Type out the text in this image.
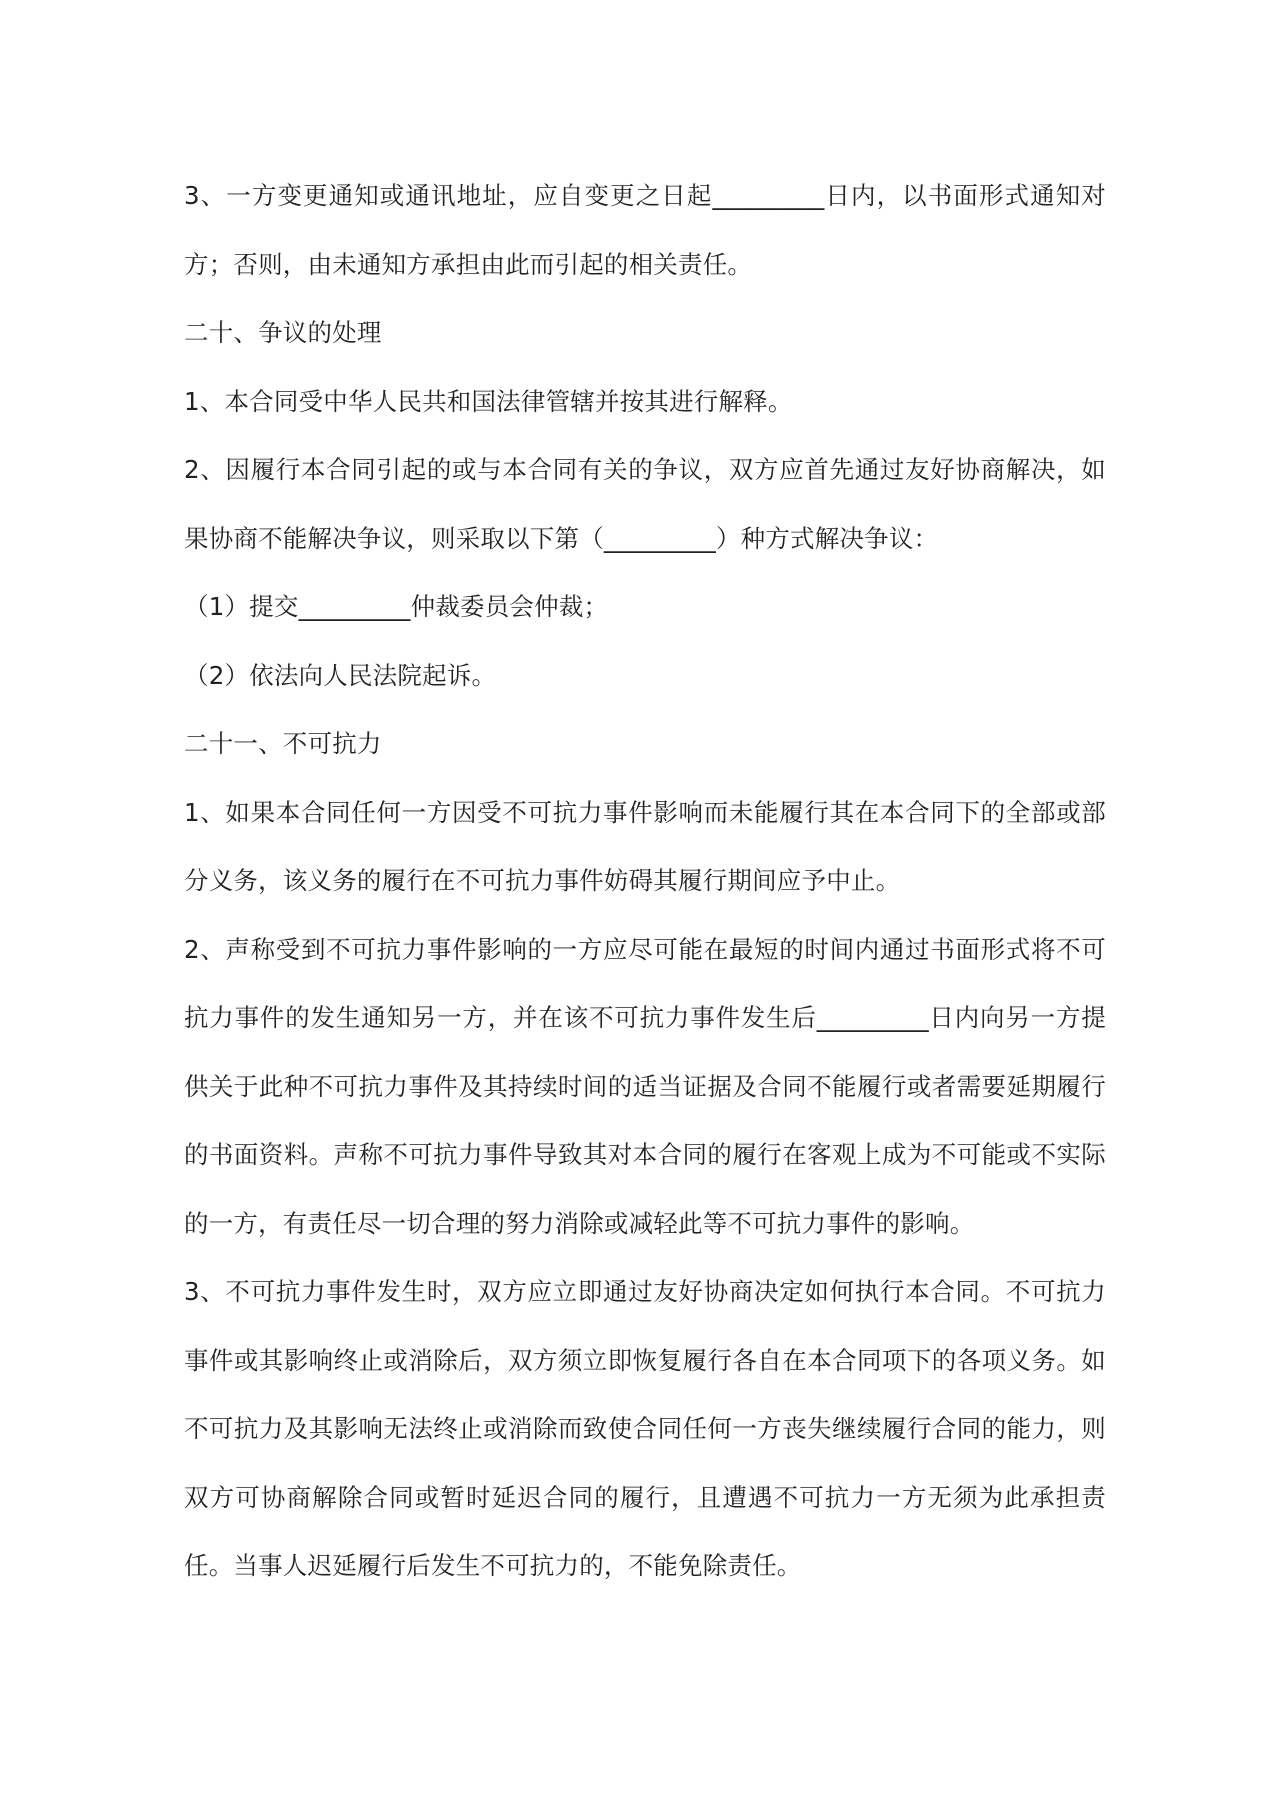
3、一方变更通知或通讯地址，应自变更之日起_________日内，以书面形式通知对方；否则，由未通知方承担由此而引起的相关责任。

二十、争议的处理

1、本合同受中华人民共和国法律管辖并按其进行解释。

2、因履行本合同引起的或与本合同有关的争议，双方应首先通过友好协商解决，如果协商不能解决争议，则采取以下第（_________）种方式解决争议：

（1）提交_________仲裁委员会仲裁；

（2）依法向人民法院起诉。

二十一、不可抗力

1、如果本合同任何一方因受不可抗力事件影响而未能履行其在本合同下的全部或部分义务，该义务的履行在不可抗力事件妨碍其履行期间应予中止。

2、声称受到不可抗力事件影响的一方应尽可能在最短的时间内通过书面形式将不可抗力事件的发生通知另一方，并在该不可抗力事件发生后_________日内向另一方提供关于此种不可抗力事件及其持续时间的适当证据及合同不能履行或者需要延期履行的书面资料。声称不可抗力事件导致其对本合同的履行在客观上成为不可能或不实际的一方，有责任尽一切合理的努力消除或减轻此等不可抗力事件的影响。

3、不可抗力事件发生时，双方应立即通过友好协商决定如何执行本合同。不可抗力事件或其影响终止或消除后，双方须立即恢复履行各自在本合同项下的各项义务。如不可抗力及其影响无法终止或消除而致使合同任何一方丧失继续履行合同的能力，则双方可协商解除合同或暂时延迟合同的履行，且遭遇不可抗力一方无须为此承担责任。当事人迟延履行后发生不可抗力的，不能免除责任。
